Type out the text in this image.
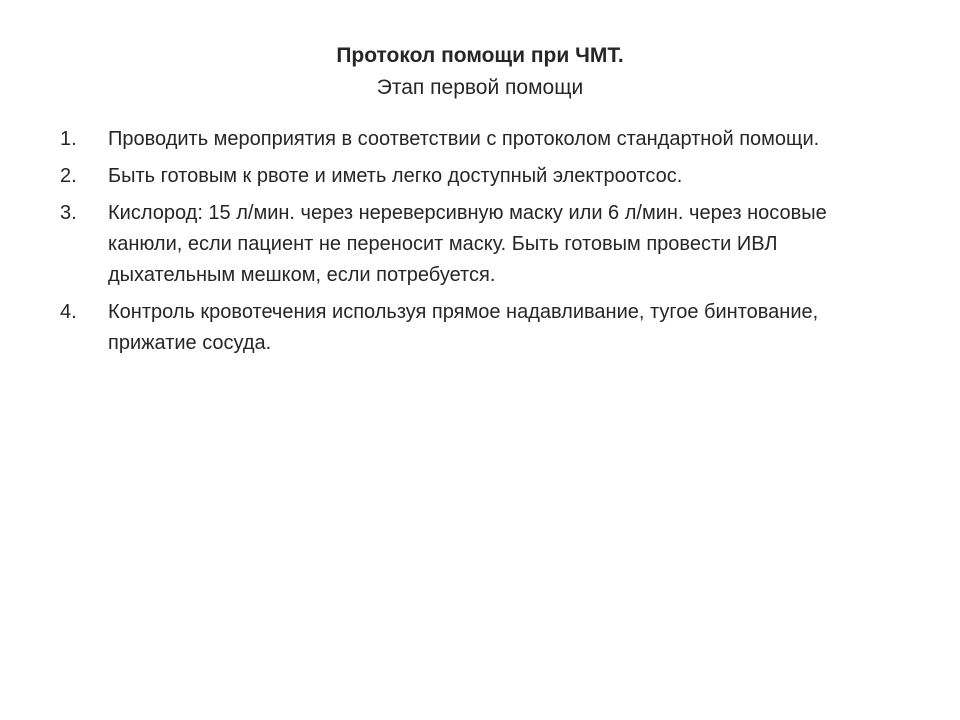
Протокол помощи при ЧМТ.
Этап первой помощи
1.	Проводить мероприятия в соответствии с протоколом стандартной помощи.
2.	Быть готовым к рвоте и иметь легко доступный электроотсос.
3.	Кислород: 15 л/мин. через нереверсивную маску или 6 л/мин. через носовые канюли, если пациент не переносит маску. Быть готовым провести ИВЛ дыхательным мешком, если потребуется.
4.	Контроль кровотечения используя прямое надавливание, тугое бинтование, прижатие сосуда.
